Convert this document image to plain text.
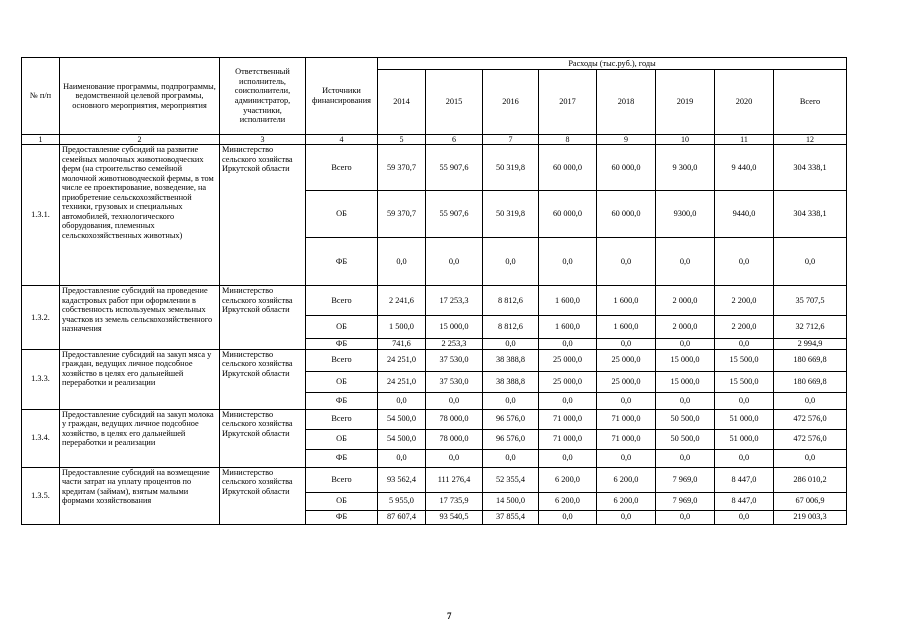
№ п/п	Наименование программы, подпрограммы, ведомственной целевой программы, основного мероприятия, мероприятия	Ответственный исполнитель, соисполнители, администратор, участники, исполнители	Источники финансирования	Расходы (тыс.руб.), годы							
				2014	2015	2016	2017	2018	2019	2020	Всего
1	2	3	4	5	6	7	8	9	10	11	12
1.3.1.	Предоставление субсидий на развитие семейных молочных животноводческих ферм (на строительство семейной молочной животноводческой фермы, в том числе ее проектирование, возведение, на приобретение сельскохозяйственной техники, грузовых и специальных автомобилей, технологического оборудования, племенных сельскохозяйственных животных)	Министерство сельского хозяйства Иркутской области	Всего	59 370,7	55 907,6	50 319,8	60 000,0	60 000,0	9 300,0	9 440,0	304 338,1
			ОБ	59 370,7	55 907,6	50 319,8	60 000,0	60 000,0	9300,0	9440,0	304 338,1
			ФБ	0,0	0,0	0,0	0,0	0,0	0,0	0,0	0,0
1.3.2.	Предоставление субсидий на проведение кадастровых работ при оформлении в собственность используемых земельных участков из земель сельскохозяйственного назначения	Министерство сельского хозяйства Иркутской области	Всего	2 241,6	17 253,3	8 812,6	1 600,0	1 600,0	2 000,0	2 200,0	35 707,5
			ОБ	1 500,0	15 000,0	8 812,6	1 600,0	1 600,0	2 000,0	2 200,0	32 712,6
			ФБ	741,6	2 253,3	0,0	0,0	0,0	0,0	0,0	2 994,9
1.3.3.	Предоставление субсидий на закуп мяса у граждан, ведущих личное подсобное хозяйство в целях его дальнейшей переработки и реализации	Министерство сельского хозяйства Иркутской области	Всего	24 251,0	37 530,0	38 388,8	25 000,0	25 000,0	15 000,0	15 500,0	180 669,8
			ОБ	24 251,0	37 530,0	38 388,8	25 000,0	25 000,0	15 000,0	15 500,0	180 669,8
			ФБ	0,0	0,0	0,0	0,0	0,0	0,0	0,0	0,0
1.3.4.	Предоставление субсидий на закуп молока у граждан, ведущих личное подсобное хозяйство, в целях его дальнейшей переработки и реализации	Министерство сельского хозяйства Иркутской области	Всего	54 500,0	78 000,0	96 576,0	71 000,0	71 000,0	50 500,0	51 000,0	472 576,0
			ОБ	54 500,0	78 000,0	96 576,0	71 000,0	71 000,0	50 500,0	51 000,0	472 576,0
			ФБ	0,0	0,0	0,0	0,0	0,0	0,0	0,0	0,0
1.3.5.	Предоставление субсидий на возмещение части затрат на уплату процентов по кредитам (займам), взятым малыми формами хозяйствования	Министерство сельского хозяйства Иркутской области	Всего	93 562,4	111 276,4	52 355,4	6 200,0	6 200,0	7 969,0	8 447,0	286 010,2
			ОБ	5 955,0	17 735,9	14 500,0	6 200,0	6 200,0	7 969,0	8 447,0	67 006,9
			ФБ	87 607,4	93 540,5	37 855,4	0,0	0,0	0,0	0,0	219 003,3
7
